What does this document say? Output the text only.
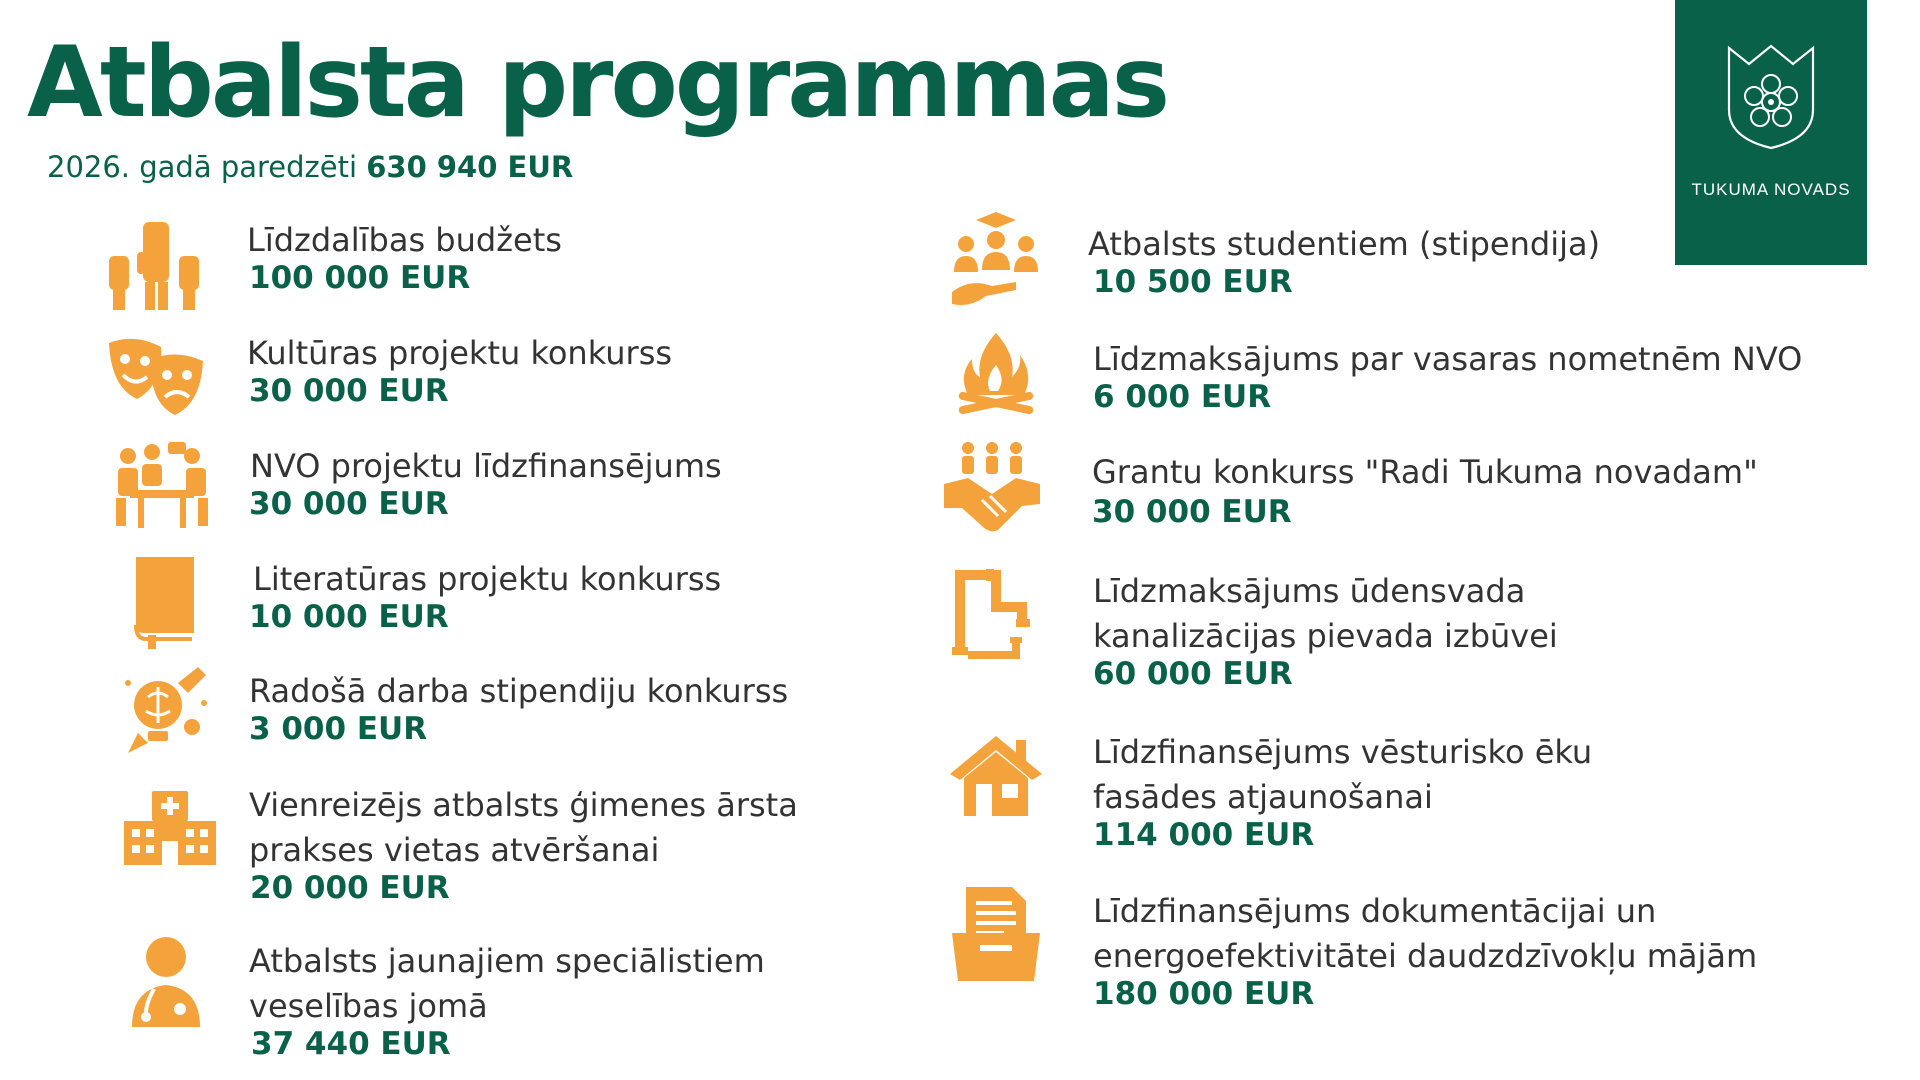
Atbalsta programmas
2026. gadā paredzēti 630 940 EUR
TUKUMA NOVADS
Līdzdalības budžets
100 000 EUR
Kultūras projektu konkurss
30 000 EUR
NVO projektu līdzfinansējums
30 000 EUR
Literatūras projektu konkurss
10 000 EUR
Radošā darba stipendiju konkurss
3 000 EUR
Vienreizējs atbalsts ģimenes ārsta
prakses vietas atvēršanai
20 000 EUR
Atbalsts jaunajiem speciālistiem
veselības jomā
37 440 EUR
Atbalsts studentiem (stipendija)
10 500 EUR
Līdzmaksājums par vasaras nometnēm NVO
6 000 EUR
Grantu konkurss "Radi Tukuma novadam"
30 000 EUR
Līdzmaksājums ūdensvada
kanalizācijas pievada izbūvei
60 000 EUR
Līdzfinansējums vēsturisko ēku
fasādes atjaunošanai
114 000 EUR
Līdzfinansējums dokumentācijai un
energoefektivitātei daudzdzīvokļu mājām
180 000 EUR
